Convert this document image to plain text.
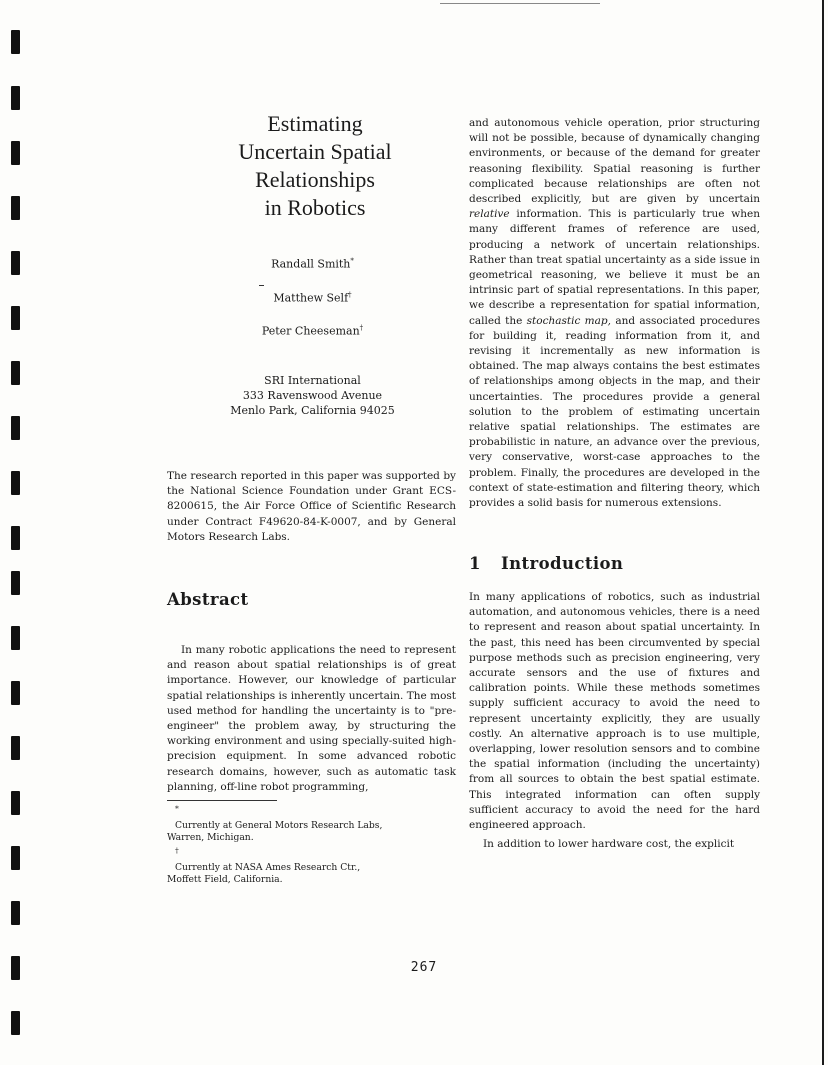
Estimating
Uncertain Spatial
Relationships
in Robotics
Randall Smith*
Matthew Self†
Peter Cheeseman†
SRI International
333 Ravenswood Avenue
Menlo Park, California 94025

The research reported in this paper was supported by the National Science Foundation under Grant ECS-8200615, the Air Force Office of Scientific Research under Contract F49620-84-K-0007, and by General Motors Research Labs.

Abstract

In many robotic applications the need to represent and reason about spatial relationships is of great importance. However, our knowledge of particular spatial relationships is inherently uncertain. The most used method for handling the uncertainty is to "pre-engineer" the problem away, by structuring the working environment and using specially-suited high-precision equipment. In some advanced robotic research domains, however, such as automatic task planning, off-line robot programming,

and autonomous vehicle operation, prior structuring will not be possible, because of dynamically changing environments, or because of the demand for greater reasoning flexibility. Spatial reasoning is further complicated because relationships are often not described explicitly, but are given by uncertain relative information. This is particularly true when many different frames of reference are used, producing a network of uncertain relationships. Rather than treat spatial uncertainty as a side issue in geometrical reasoning, we believe it must be an intrinsic part of spatial representations. In this paper, we describe a representation for spatial information, called the stochastic map, and associated procedures for building it, reading information from it, and revising it incrementally as new information is obtained. The map always contains the best estimates of relationships among objects in the map, and their uncertainties. The procedures provide a general solution to the problem of estimating uncertain relative spatial relationships. The estimates are probabilistic in nature, an advance over the previous, very conservative, worst-case approaches to the problem. Finally, the procedures are developed in the context of state-estimation and filtering theory, which provides a solid basis for numerous extensions.

1 Introduction

In many applications of robotics, such as industrial automation, and autonomous vehicles, there is a need to represent and reason about spatial uncertainty. In the past, this need has been circumvented by special purpose methods such as precision engineering, very accurate sensors and the use of fixtures and calibration points. While these methods sometimes supply sufficient accuracy to avoid the need to represent uncertainty explicitly, they are usually costly. An alternative approach is to use multiple, overlapping, lower resolution sensors and to combine the spatial information (including the uncertainty) from all sources to obtain the best spatial estimate. This integrated information can often supply sufficient accuracy to avoid the need for the hard engineered approach.

In addition to lower hardware cost, the explicit

*
Currently at General Motors Research Labs,
Warren, Michigan.
†
Currently at NASA Ames Research Ctr.,
Moffett Field, California.
267
